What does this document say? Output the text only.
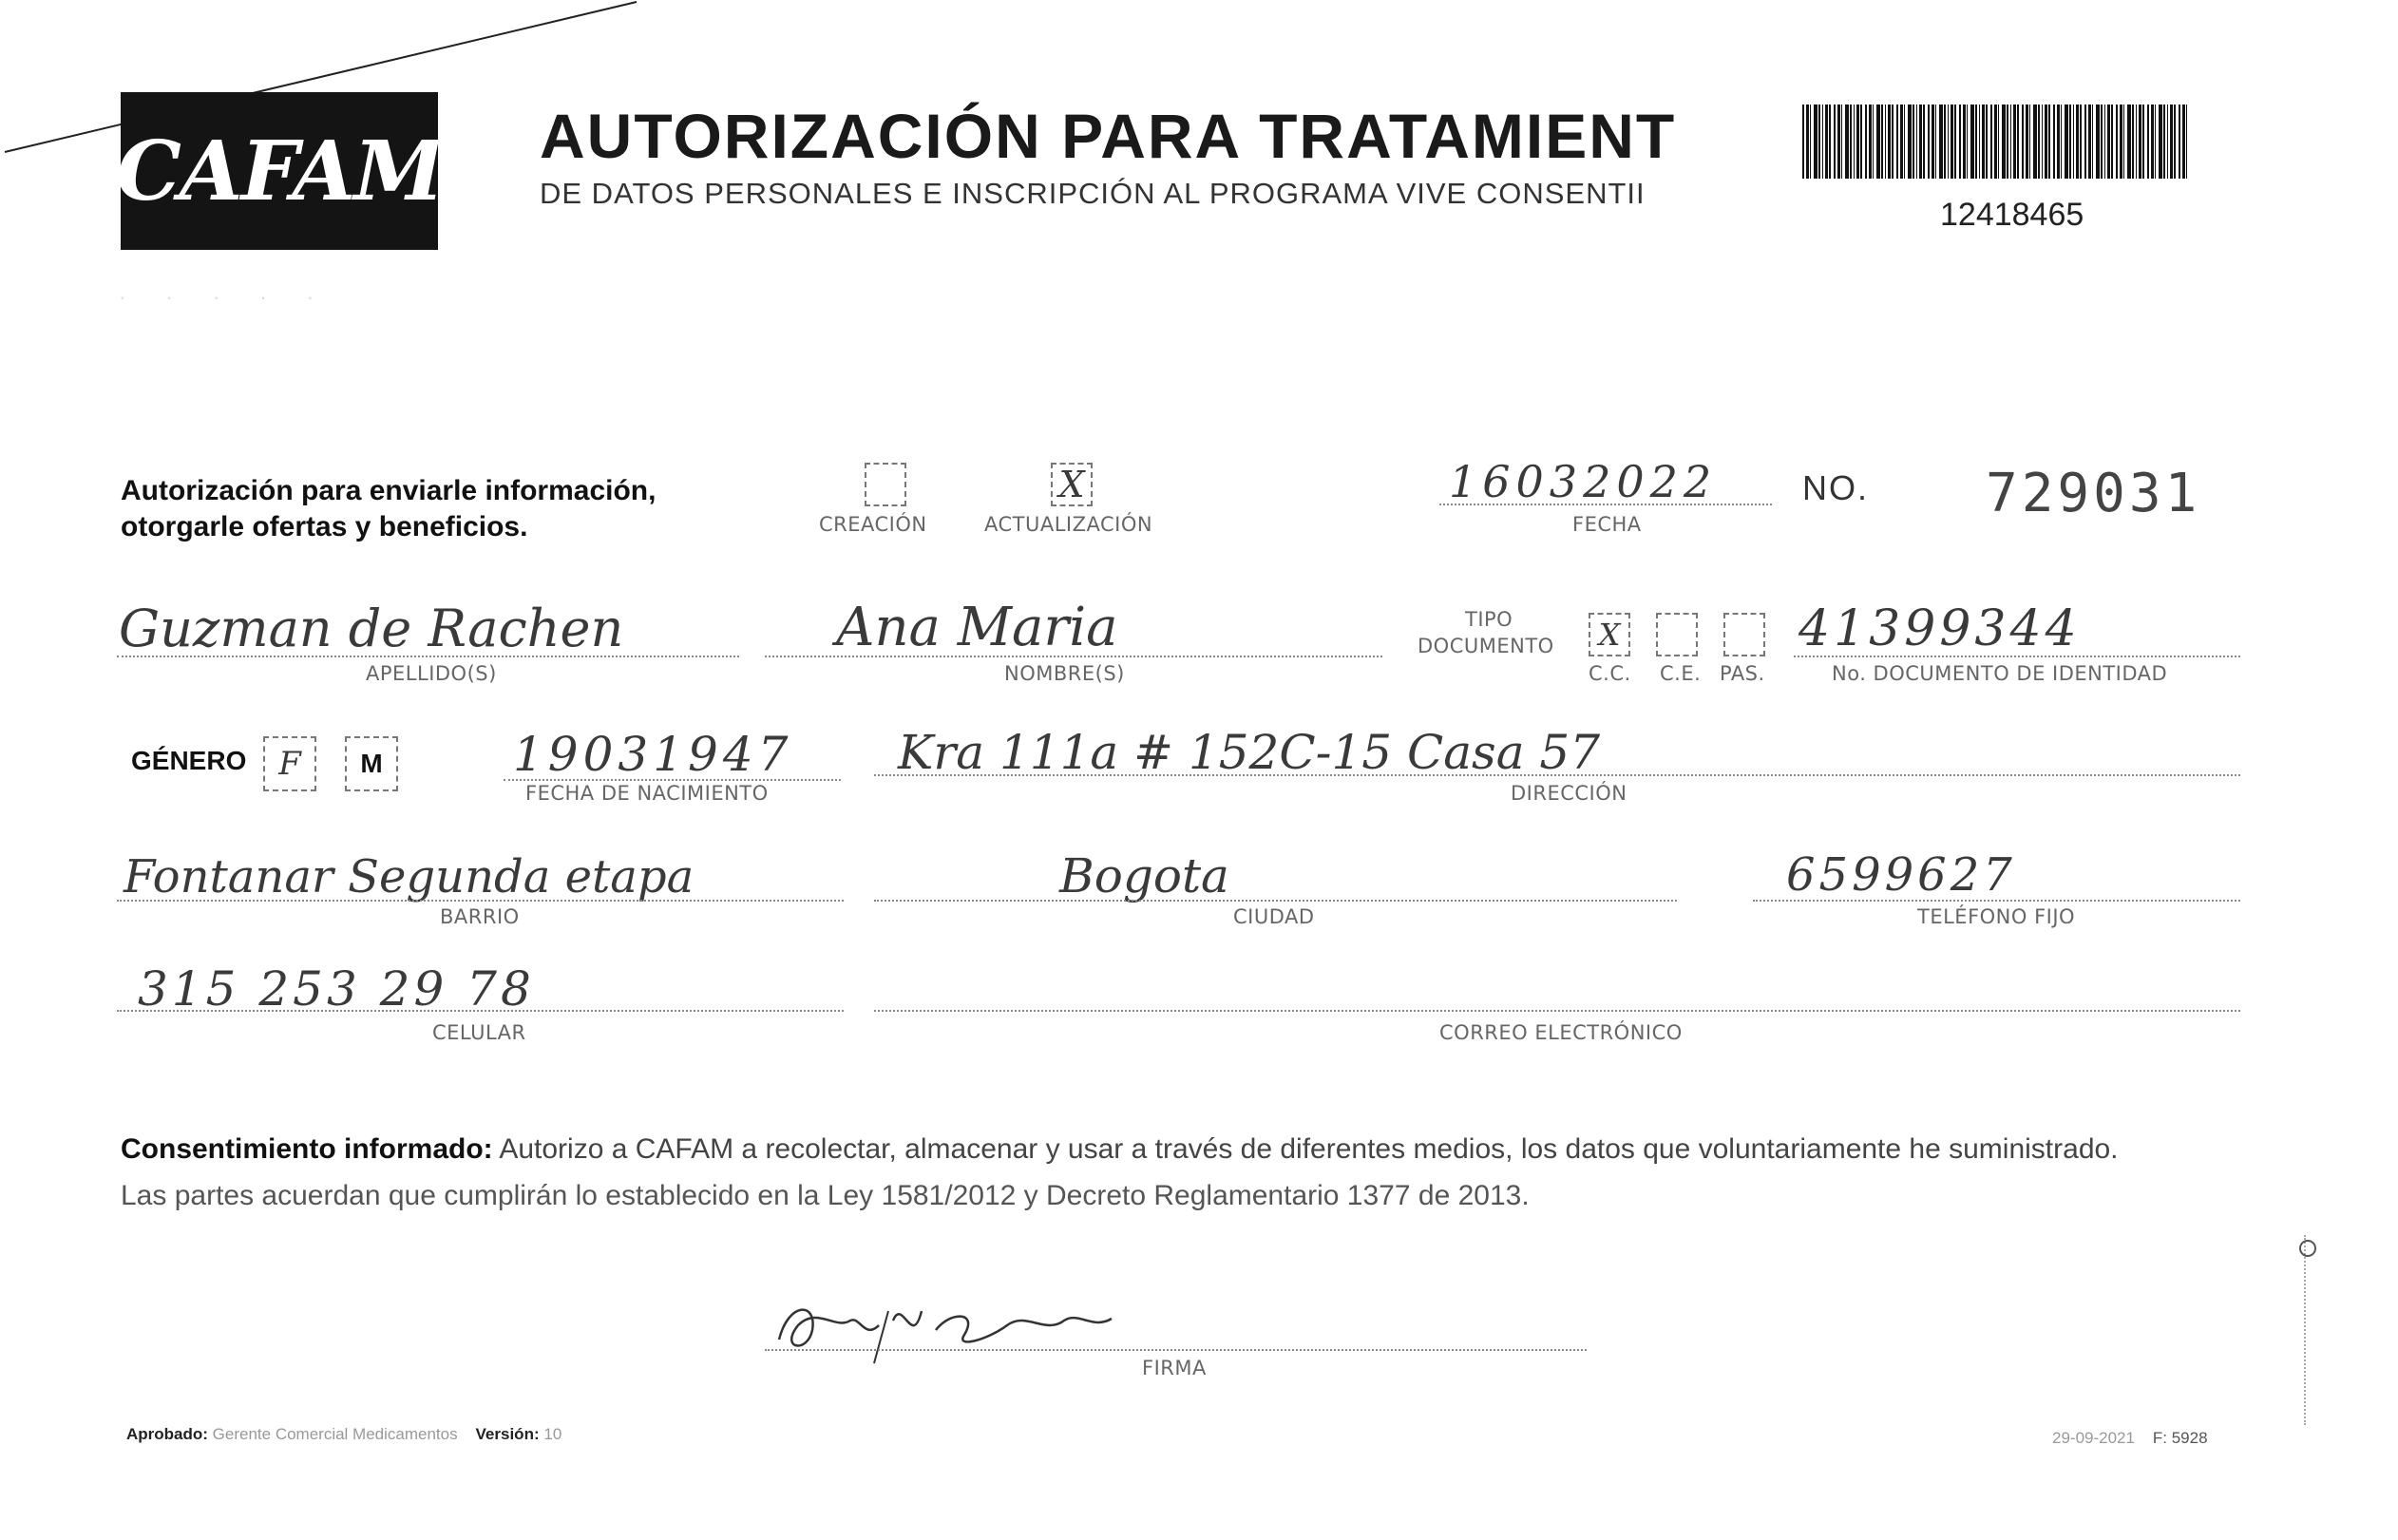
CAFAM AUTORIZACIÓN PARA TRATAMIENT
DE DATOS PERSONALES E INSCRIPCIÓN AL PROGRAMA VIVE CONSENTII
12418465
· · · · ·
Autorización para enviarle información,
otorgarle ofertas y beneficios.	CREACIÓN
X
ACTUALIZACIÓN
16032022
FECHA
NO. 729031
Guzman de Rachen
APELLIDO(S)
Ana Maria
NOMBRE(S)
TIPO
DOCUMENTO X
C.C. C.E. PAS.
41399344
No. DOCUMENTO DE IDENTIDAD
GÉNERO F M	19031947
FECHA DE NACIMIENTO
Kra 111a # 152C-15 Casa 57
DIRECCIÓN
Fontanar Segunda etapa
BARRIO
Bogota
CIUDAD
6599627
TELÉFONO FIJO
315 253 29 78
CELULAR	CORREO ELECTRÓNICO
Consentimiento informado: Autorizo a CAFAM a recolectar, almacenar y usar a través de diferentes medios, los datos que voluntariamente he suministrado.
Las partes acuerdan que cumplirán lo establecido en la Ley 1581/2012 y Decreto Reglamentario 1377 de 2013.
FIRMA
Aprobado: Gerente Comercial Medicamentos Versión: 10	29-09-2021 F: 5928
